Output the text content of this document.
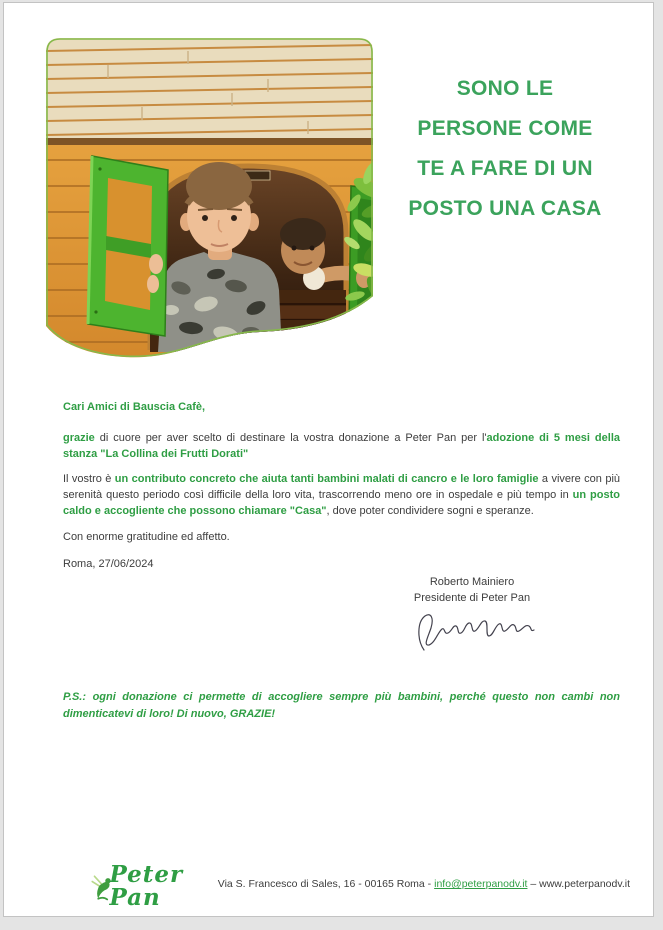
SONO LE
PERSONE COME
TE A FARE DI UN
POSTO UNA CASA
Cari Amici di Bauscia Cafè,
grazie di cuore per aver scelto di destinare la vostra donazione a Peter Pan per l'adozione di 5 mesi della stanza "La Collina dei Frutti Dorati"
Il vostro è un contributo concreto che aiuta tanti bambini malati di cancro e le loro famiglie a vivere con più serenità questo periodo così difficile della loro vita, trascorrendo meno ore in ospedale e più tempo in un posto caldo e accogliente che possono chiamare "Casa", dove poter condividere sogni e speranze.
Con enorme gratitudine ed affetto.
Roma, 27/06/2024
Roberto Mainiero
Presidente di Peter Pan
P.S.: ogni donazione ci permette di accogliere sempre più bambini, perché questo non cambi non dimenticatevi di loro! Di nuovo, GRAZIE!
Peter Pan	Via S. Francesco di Sales, 16 - 00165 Roma - info@peterpanodv.it – www.peterpanodv.it
